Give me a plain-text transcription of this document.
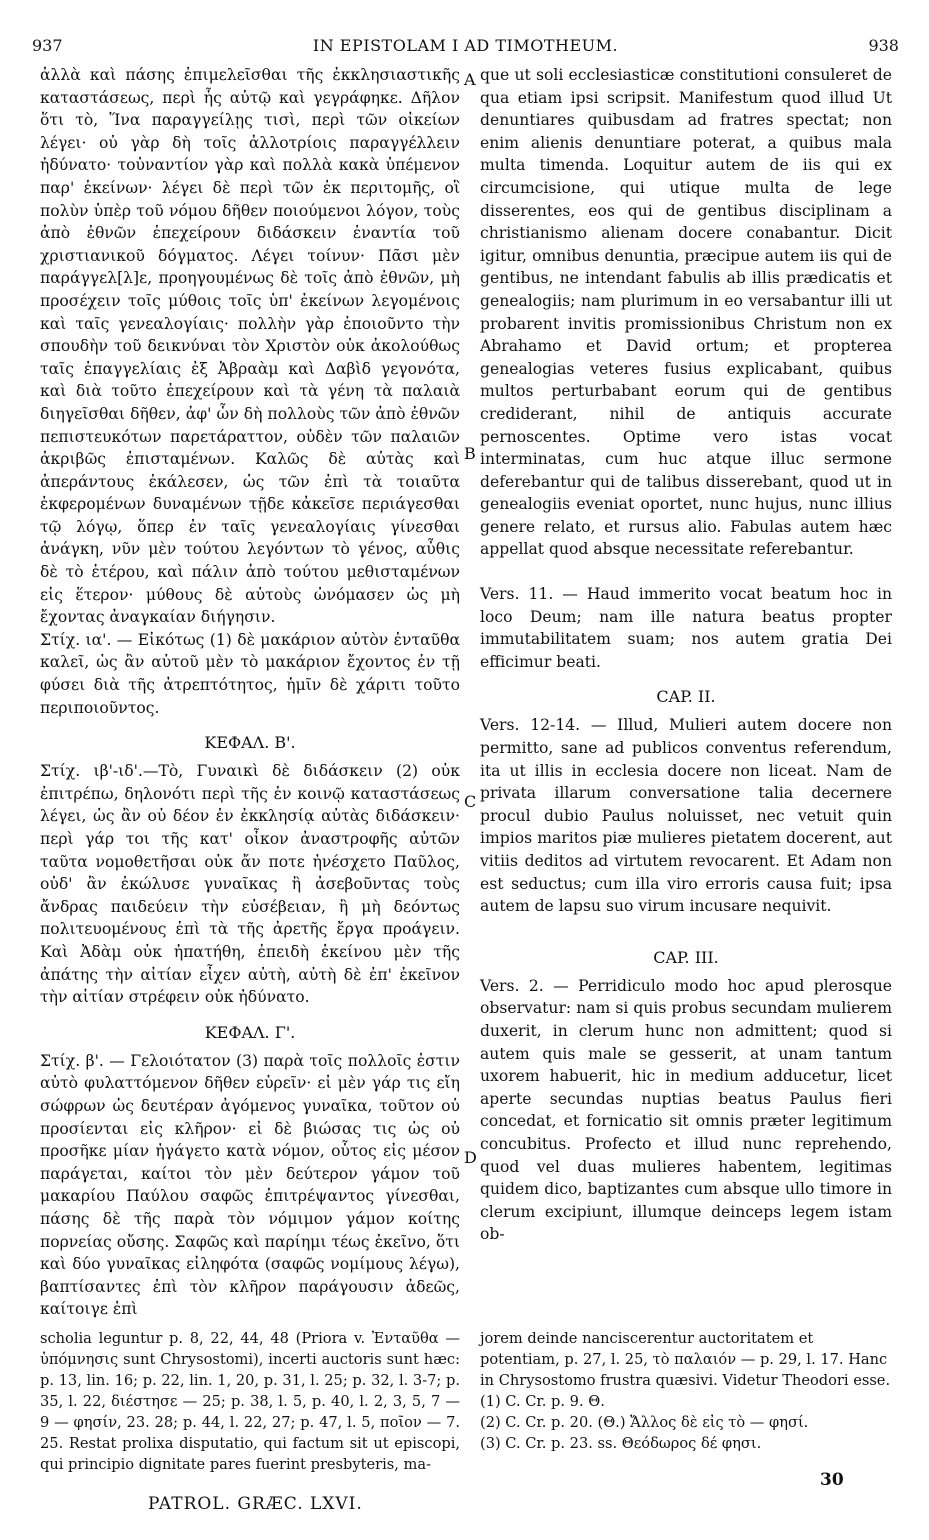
937	IN EPISTOLAM I AD TIMOTHEUM.	938

ἀλλὰ καὶ πάσης ἐπιμελεῖσθαι τῆς ἐκκλησιαστικῆς καταστάσεως, περὶ ἧς αὐτῷ καὶ γεγράφηκε. Δῆλον ὅτι τὸ, Ἵνα παραγγείλῃς τισὶ, περὶ τῶν οἰκείων λέγει· οὐ γὰρ δὴ τοῖς ἀλλοτρίοις παραγγέλλειν ἠδύνατο· τοὐναντίον γὰρ καὶ πολλὰ κακὰ ὑπέμενον παρ' ἐκείνων· λέγει δὲ περὶ τῶν ἐκ περιτομῆς, οἳ πολὺν ὑπὲρ τοῦ νόμου δῆθεν ποιούμενοι λόγον, τοὺς ἀπὸ ἐθνῶν ἐπεχείρουν διδάσκειν ἐναντία τοῦ χριστιανικοῦ δόγματος. Λέγει τοίνυν· Πᾶσι μὲν παράγγελ[λ]ε, προηγουμένως δὲ τοῖς ἀπὸ ἐθνῶν, μὴ προσέχειν τοῖς μύθοις τοῖς ὑπ' ἐκείνων λεγομένοις καὶ ταῖς γενεαλογίαις· πολλὴν γὰρ ἐποιοῦντο τὴν σπουδὴν τοῦ δεικνύναι τὸν Χριστὸν οὐκ ἀκολούθως ταῖς ἐπαγγελίαις ἐξ Ἀβραὰμ καὶ Δαβὶδ γεγονότα, καὶ διὰ τοῦτο ἐπεχείρουν καὶ τὰ γένη τὰ παλαιὰ διηγεῖσθαι δῆθεν, ἀφ' ὧν δὴ πολλοὺς τῶν ἀπὸ ἐθνῶν πεπιστευκότων παρετάραττον, οὐδὲν τῶν παλαιῶν ἀκριβῶς ἐπισταμένων. Καλῶς δὲ αὐτὰς καὶ ἀπεράντους ἐκάλεσεν, ὡς τῶν ἐπὶ τὰ τοιαῦτα ἐκφερομένων δυναμένων τῇδε κἀκεῖσε περιάγεσθαι τῷ λόγῳ, ὅπερ ἐν ταῖς γενεαλογίαις γίνεσθαι ἀνάγκη, νῦν μὲν τούτου λεγόντων τὸ γένος, αὖθις δὲ τὸ ἑτέρου, καὶ πάλιν ἀπὸ τούτου μεθισταμένων εἰς ἕτερον· μύθους δὲ αὐτοὺς ὠνόμασεν ὡς μὴ ἔχοντας ἀναγκαίαν διήγησιν.

Στίχ. ια'. — Εἰκότως (1) δὲ μακάριον αὐτὸν ἐνταῦθα καλεῖ, ὡς ἂν αὐτοῦ μὲν τὸ μακάριον ἔχοντος ἐν τῇ φύσει διὰ τῆς ἀτρεπτότητος, ἡμῖν δὲ χάριτι τοῦτο περιποιοῦντος.

ΚΕΦΑΛ. Β'.

Στίχ. ιβ'-ιδ'.—Τὸ, Γυναικὶ δὲ διδάσκειν (2) οὐκ ἐπιτρέπω, δηλονότι περὶ τῆς ἐν κοινῷ καταστάσεως λέγει, ὡς ἂν οὐ δέον ἐν ἐκκλησίᾳ αὐτὰς διδάσκειν· περὶ γάρ τοι τῆς κατ' οἶκον ἀναστροφῆς αὐτῶν ταῦτα νομοθετῆσαι οὐκ ἄν ποτε ἠνέσχετο Παῦλος, οὐδ' ἂν ἐκώλυσε γυναῖκας ἢ ἀσεβοῦντας τοὺς ἄνδρας παιδεύειν τὴν εὐσέβειαν, ἢ μὴ δεόντως πολιτευομένους ἐπὶ τὰ τῆς ἀρετῆς ἔργα προάγειν. Καὶ Ἀδὰμ οὐκ ἠπατήθη, ἐπειδὴ ἐκείνου μὲν τῆς ἀπάτης τὴν αἰτίαν εἶχεν αὐτὴ, αὐτὴ δὲ ἐπ' ἐκεῖνον τὴν αἰτίαν στρέφειν οὐκ ἠδύνατο.

ΚΕΦΑΛ. Γ'.

Στίχ. β'. — Γελοιότατον (3) παρὰ τοῖς πολλοῖς ἐστιν αὐτὸ φυλαττόμενον δῆθεν εὑρεῖν· εἰ μὲν γάρ τις εἴη σώφρων ὡς δευτέραν ἀγόμενος γυναῖκα, τοῦτον οὐ προσίενται εἰς κλῆρον· εἰ δὲ βιώσας τις ὡς οὐ προσῆκε μίαν ἠγάγετο κατὰ νόμον, οὗτος εἰς μέσον παράγεται, καίτοι τὸν μὲν δεύτερον γάμον τοῦ μακαρίου Παύλου σαφῶς ἐπιτρέψαντος γίνεσθαι, πάσης δὲ τῆς παρὰ τὸν νόμιμον γάμον κοίτης πορνείας οὔσης. Σαφῶς καὶ παρίημι τέως ἐκεῖνο, ὅτι καὶ δύο γυναῖκας εἰληφότα (σαφῶς νομίμους λέγω), βαπτίσαντες ἐπὶ τὸν κλῆρον παράγουσιν ἀδεῶς, καίτοιγε ἐπὶ

que ut soli ecclesiasticæ constitutioni consuleret de qua etiam ipsi scripsit. Manifestum quod illud Ut denuntiares quibusdam ad fratres spectat; non enim alienis denuntiare poterat, a quibus mala multa timenda. Loquitur autem de iis qui ex circumcisione, qui utique multa de lege disserentes, eos qui de gentibus disciplinam a christianismo alienam docere conabantur. Dicit igitur, omnibus denuntia, præcipue autem iis qui de gentibus, ne intendant fabulis ab illis prædicatis et genealogiis; nam plurimum in eo versabantur illi ut probarent invitis promissionibus Christum non ex Abrahamo et David ortum; et propterea genealogias veteres fusius explicabant, quibus multos perturbabant eorum qui de gentibus crediderant, nihil de antiquis accurate pernoscentes. Optime vero istas vocat interminatas, cum huc atque illuc sermone deferebantur qui de talibus disserebant, quod ut in genealogiis eveniat oportet, nunc hujus, nunc illius genere relato, et rursus alio. Fabulas autem hæc appellat quod absque necessitate referebantur.

Vers. 11. — Haud immerito vocat beatum hoc in loco Deum; nam ille natura beatus propter immutabilitatem suam; nos autem gratia Dei efficimur beati.

CAP. II.

Vers. 12-14. — Illud, Mulieri autem docere non permitto, sane ad publicos conventus referendum, ita ut illis in ecclesia docere non liceat. Nam de privata illarum conversatione talia decernere procul dubio Paulus noluisset, nec vetuit quin impios maritos piæ mulieres pietatem docerent, aut vitiis deditos ad virtutem revocarent. Et Adam non est seductus; cum illa viro erroris causa fuit; ipsa autem de lapsu suo virum incusare nequivit.

CAP. III.

Vers. 2. — Perridiculo modo hoc apud plerosque observatur: nam si quis probus secundam mulierem duxerit, in clerum hunc non admittent; quod si autem quis male se gesserit, at unam tantum uxorem habuerit, hic in medium adducetur, licet aperte secundas nuptias beatus Paulus fieri concedat, et fornicatio sit omnis præter legitimum concubitus. Profecto et illud nunc reprehendo, quod vel duas mulieres habentem, legitimas quidem dico, baptizantes cum absque ullo timore in clerum excipiunt, illumque deinceps legem istam ob-

A
B
C
D
scholia leguntur p. 8, 22, 44, 48 (Priora v. Ἐνταῦθα — ὑπόμνησις sunt Chrysostomi), incerti auctoris sunt hæc: p. 13, lin. 16; p. 22, lin. 1, 20, p. 31, l. 25; p. 32, l. 3-7; p. 35, l. 22, διέστησε — 25; p. 38, l. 5, p. 40, l. 2, 3, 5, 7 — 9 — φησίν, 23. 28; p. 44, l. 22, 27; p. 47, l. 5, ποῖον — 7. 25. Restat prolixa disputatio, qui factum sit ut episcopi, qui principio dignitate pares fuerint presbyteris, ma-
jorem deinde nanciscerentur auctoritatem et potentiam, p. 27, l. 25, τὸ παλαιόν — p. 29, l. 17. Hanc in Chrysostomo frustra quæsivi. Videtur Theodori esse.
(1) C. Cr. p. 9. Θ.
(2) C. Cr. p. 20. (Θ.) Ἄλλος δὲ εἰς τὸ — φησί.
(3) C. Cr. p. 23. ss. Θεόδωρος δέ φησι.
PATROL. GRÆC. LXVI.
30
